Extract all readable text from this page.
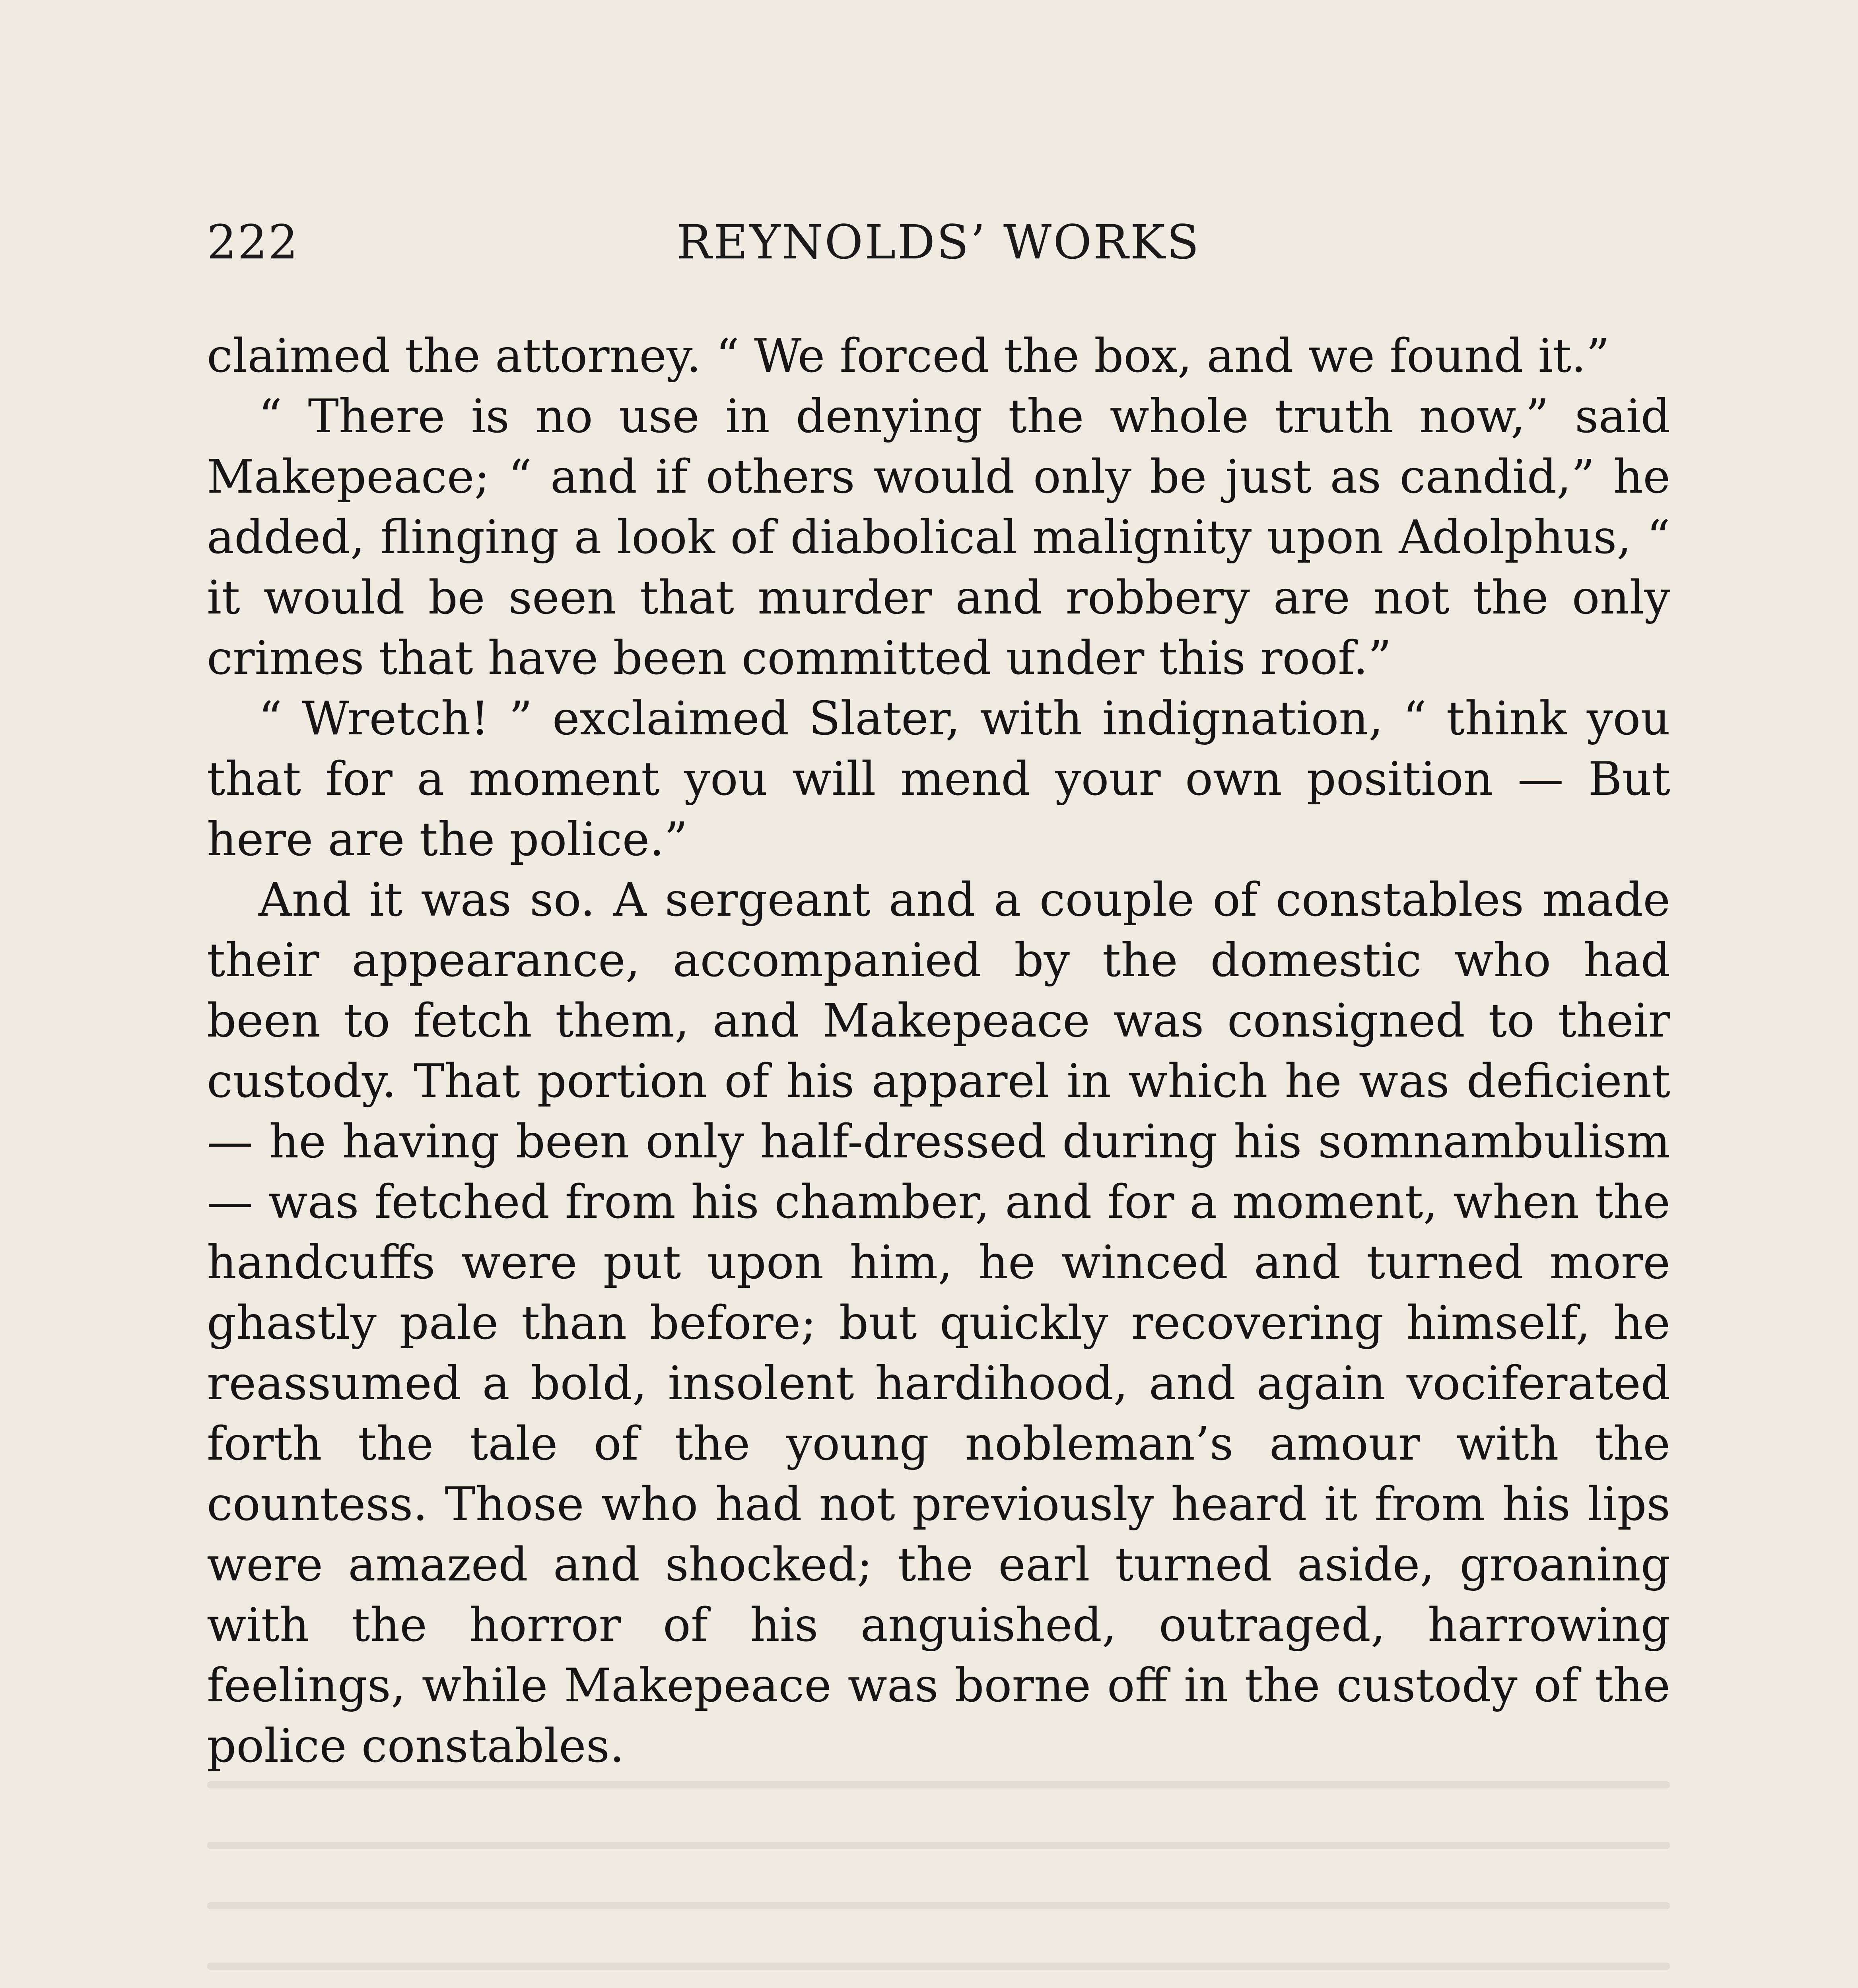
222	REYNOLDS’ WORKS

claimed the attorney. “ We forced the box, and we found it.”

“ There is no use in denying the whole truth now,” said Makepeace; “ and if others would only be just as candid,” he added, flinging a look of diabolical malignity upon Adolphus, “ it would be seen that murder and robbery are not the only crimes that have been committed under this roof.”

“ Wretch! ” exclaimed Slater, with indignation, “ think you that for a moment you will mend your own position — But here are the police.”

And it was so. A sergeant and a couple of constables made their appearance, accompanied by the domestic who had been to fetch them, and Makepeace was consigned to their custody. That portion of his apparel in which he was deficient — he having been only half-dressed during his somnambulism — was fetched from his chamber, and for a moment, when the handcuffs were put upon him, he winced and turned more ghastly pale than before; but quickly recovering himself, he reassumed a bold, insolent hardihood, and again vociferated forth the tale of the young nobleman’s amour with the countess. Those who had not previously heard it from his lips were amazed and shocked; the earl turned aside, groaning with the horror of his anguished, outraged, harrowing feelings, while Makepeace was borne off in the custody of the police constables.
